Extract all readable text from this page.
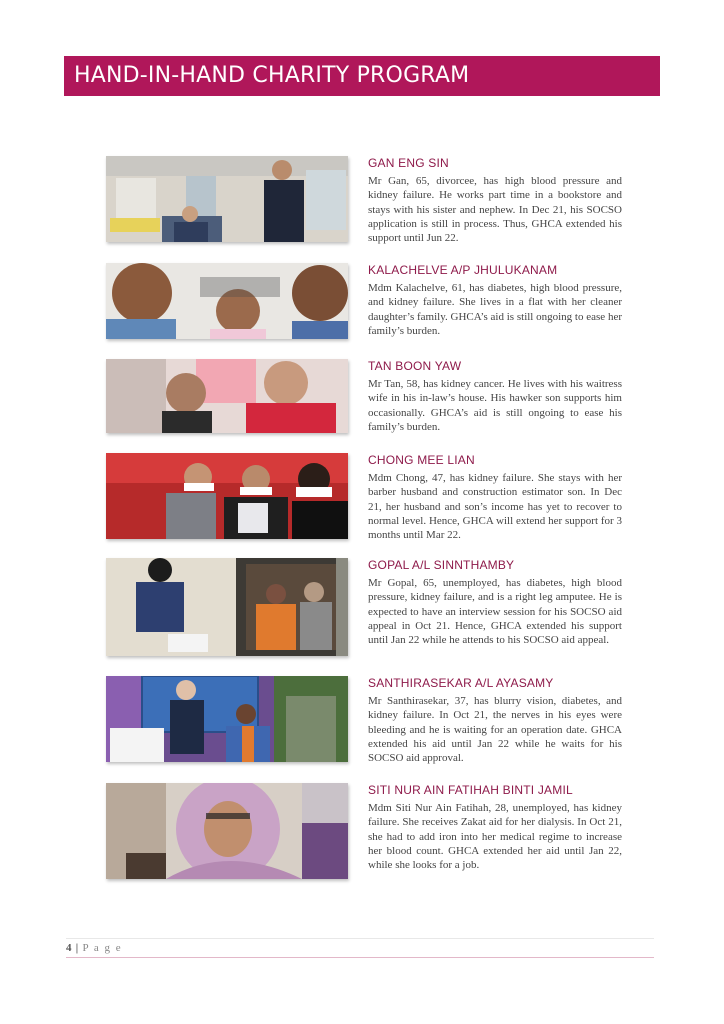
HAND-IN-HAND CHARITY PROGRAM

GAN ENG SIN

Mr Gan, 65, divorcee, has high blood pressure and kidney failure. He works part time in a bookstore and stays with his sister and nephew. In Dec 21, his SOCSO application is still in process. Thus, GHCA extended his support until Jun 22.

KALACHELVE A/P JHULUKANAM

Mdm Kalachelve, 61, has diabetes, high blood pressure, and kidney failure. She lives in a flat with her cleaner daughter’s family. GHCA’s aid is still ongoing to ease her family’s burden.

TAN BOON YAW

Mr Tan, 58, has kidney cancer. He lives with his waitress wife in his in-law’s house. His hawker son supports him occasionally. GHCA’s aid is still ongoing to ease his family’s burden.

CHONG MEE LIAN

Mdm Chong, 47, has kidney failure. She stays with her barber husband and construction estimator son. In Dec 21, her husband and son’s income has yet to recover to normal level. Hence, GHCA will extend her support for 3 months until Mar 22.

GOPAL A/L SINNTHAMBY

Mr Gopal, 65, unemployed, has diabetes, high blood pressure, kidney failure, and is a right leg amputee. He is expected to have an interview session for his SOCSO aid appeal in Oct 21. Hence, GHCA extended his support until Jan 22 while he attends to his SOCSO aid appeal.

SANTHIRASEKAR A/L AYASAMY

Mr Santhirasekar, 37, has blurry vision, diabetes, and kidney failure. In Oct 21, the nerves in his eyes were bleeding and he is waiting for an operation date. GHCA extended his aid until Jan 22 while he waits for his SOCSO aid approval.

SITI NUR AIN FATIHAH BINTI JAMIL

Mdm Siti Nur Ain Fatihah, 28, unemployed, has kidney failure. She receives Zakat aid for her dialysis. In Oct 21, she had to add iron into her medical regime to increase her blood count. GHCA extended her aid until Jan 22, while she looks for a job.

4 | P a g e
